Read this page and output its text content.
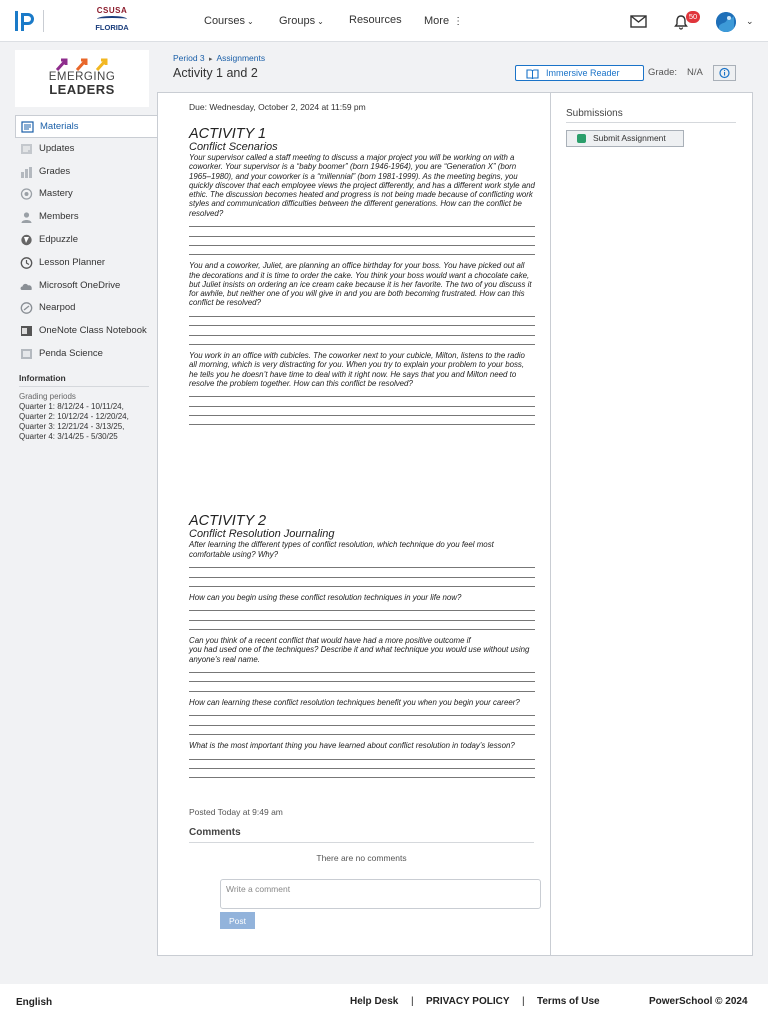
CSUSA
FLORIDA
Courses ⌄ Groups ⌄ Resources More ⋮	50	⌄
EMERGING
LEADERS
Materials
Updates
Grades
Mastery
Members
Edpuzzle
Lesson Planner
Microsoft OneDrive
Nearpod
OneNote Class Notebook
Penda Science
Information
Grading periods
Quarter 1: 8/12/24 - 10/11/24, Quarter 2: 10/12/24 - 12/20/24, Quarter 3: 12/21/24 - 3/13/25, Quarter 4: 3/14/25 - 5/30/25
Period 3 ▸ Assignments
Activity 1 and 2	Immersive Reader	Grade: N/A
Due: Wednesday, October 2, 2024 at 11:59 pm
ACTIVITY 1
Conflict Scenarios

Your supervisor called a staff meeting to discuss a major project you will be working on with a coworker. Your supervisor is a “baby boomer” (born 1946-1964), you are “Generation X” (born 1965–1980), and your coworker is a “millennial” (born 1981-1999). As the meeting begins, you quickly discover that each employee views the project differently, and has a different work style and ethic. The discussion becomes heated and progress is not being made because of conflicting work styles and communication difficulties between the different generations. How can the conflict be resolved?

You and a coworker, Juliet, are planning an office birthday for your boss. You have picked out all the decorations and it is time to order the cake. You think your boss would want a chocolate cake, but Juliet insists on ordering an ice cream cake because it is her favorite. The two of you discuss it for awhile, but neither one of you will give in and you are both becoming frustrated. How can this conflict be resolved?

You work in an office with cubicles. The coworker next to your cubicle, Milton, listens to the radio all morning, which is very distracting for you. When you try to explain your problem to your boss, he tells you he doesn’t have time to deal with it right now. He says that you and Milton need to resolve the problem together. How can this conflict be resolved?

ACTIVITY 2
Conflict Resolution Journaling

After learning the different types of conflict resolution, which technique do you feel most comfortable using? Why?

How can you begin using these conflict resolution techniques in your life now?

Can you think of a recent conflict that would have had a more positive outcome if

you had used one of the techniques? Describe it and what technique you would use without using anyone’s real name.

How can learning these conflict resolution techniques benefit you when you begin your career?

What is the most important thing you have learned about conflict resolution in today’s lesson?

Submissions
Submit Assignment
Posted Today at 9:49 am
Comments
There are no comments
Write a comment
Post
English	Help Desk | PRIVACY POLICY | Terms of Use	PowerSchool © 2024
